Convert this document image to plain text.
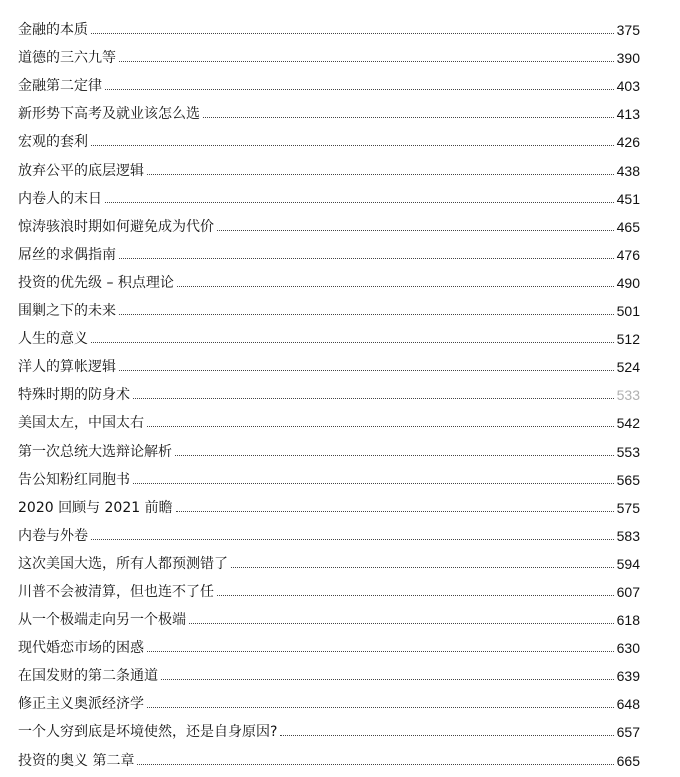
金融的本质	375
道德的三六九等	390
金融第二定律	403
新形势下高考及就业该怎么选	413
宏观的套利	426
放弃公平的底层逻辑	438
内卷人的末日	451
惊涛骇浪时期如何避免成为代价	465
屌丝的求偶指南	476
投资的优先级 – 积点理论	490
围剿之下的未来	501
人生的意义	512
洋人的算帐逻辑	524
特殊时期的防身术	533
美国太左，中国太右	542
第一次总统大选辩论解析	553
告公知粉红同胞书	565
2020 回顾与 2021 前瞻	575
内卷与外卷	583
这次美国大选，所有人都预测错了	594
川普不会被清算，但也连不了任	607
从一个极端走向另一个极端	618
现代婚恋市场的困惑	630
在国发财的第二条通道	639
修正主义奥派经济学	648
一个人穷到底是坏境使然，还是自身原因?	657
投资的奥义 第二章	665
